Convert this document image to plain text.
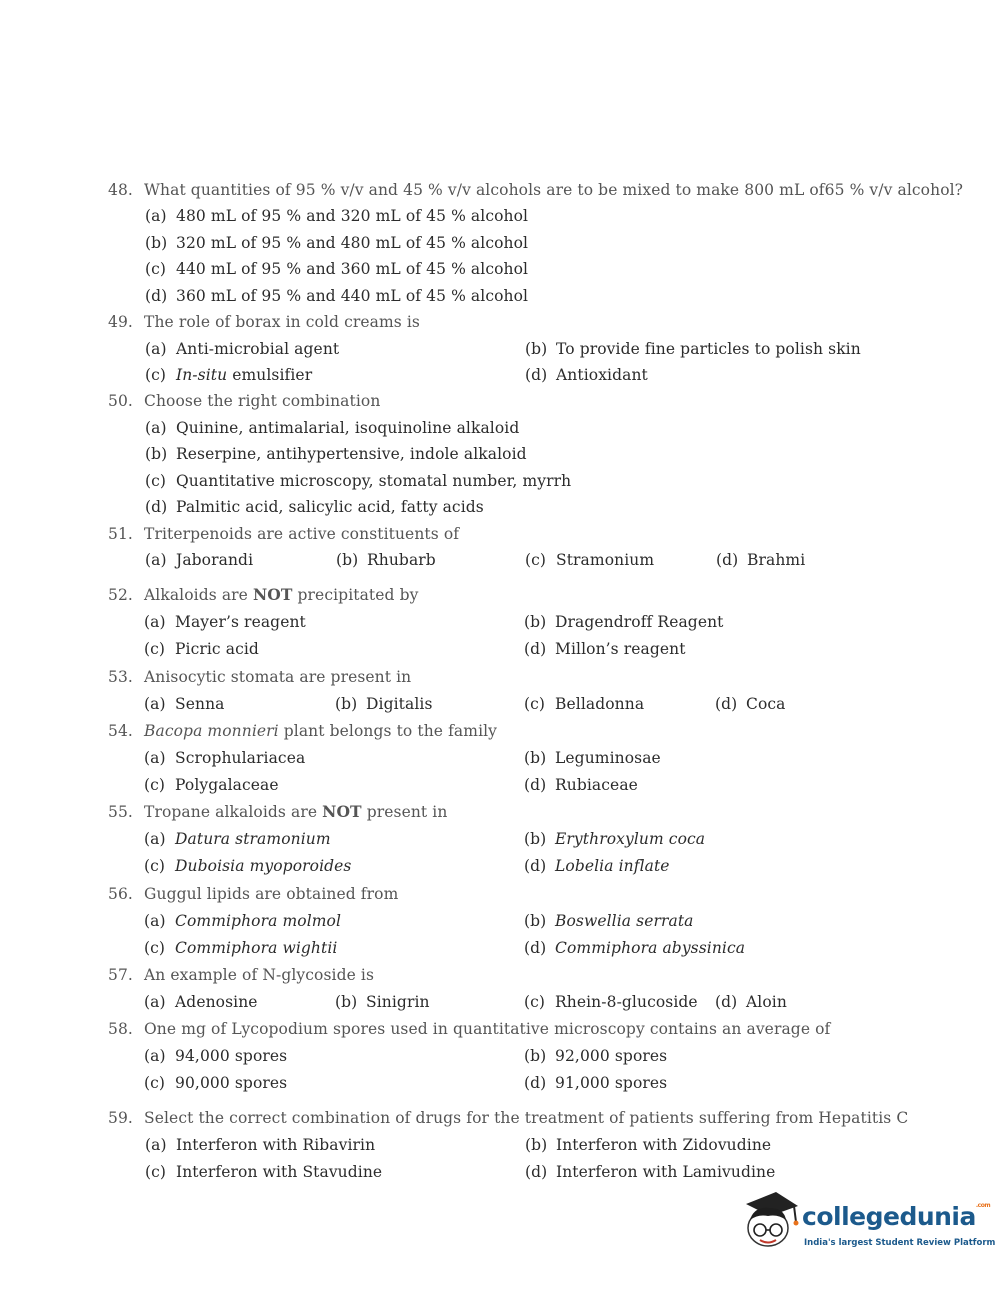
48. What quantities of 95 % v/v and 45 % v/v alcohols are to be mixed to make 800 mL of65 % v/v alcohol?
(a) 480 mL of 95 % and 320 mL of 45 % alcohol
(b) 320 mL of 95 % and 480 mL of 45 % alcohol
(c) 440 mL of 95 % and 360 mL of 45 % alcohol
(d) 360 mL of 95 % and 440 mL of 45 % alcohol
49. The role of borax in cold creams is
(a) Anti-microbial agent	(b) To provide fine particles to polish skin
(c) In-situ emulsifier	(d) Antioxidant
50. Choose the right combination
(a) Quinine, antimalarial, isoquinoline alkaloid
(b) Reserpine, antihypertensive, indole alkaloid
(c) Quantitative microscopy, stomatal number, myrrh
(d) Palmitic acid, salicylic acid, fatty acids
51. Triterpenoids are active constituents of
(a) Jaborandi	(b) Rhubarb	(c) Stramonium	(d) Brahmi
52. Alkaloids are NOT precipitated by
(a) Mayer’s reagent	(b) Dragendroff Reagent
(c) Picric acid	(d) Millon’s reagent
53. Anisocytic stomata are present in
(a) Senna	(b) Digitalis	(c) Belladonna	(d) Coca
54. Bacopa monnieri plant belongs to the family
(a) Scrophulariacea	(b) Leguminosae
(c) Polygalaceae	(d) Rubiaceae
55. Tropane alkaloids are NOT present in
(a) Datura stramonium	(b) Erythroxylum coca
(c) Duboisia myoporoides	(d) Lobelia inflate
56. Guggul lipids are obtained from
(a) Commiphora molmol	(b) Boswellia serrata
(c) Commiphora wightii	(d) Commiphora abyssinica
57. An example of N-glycoside is
(a) Adenosine	(b) Sinigrin	(c) Rhein-8-glucoside (d) Aloin
58. One mg of Lycopodium spores used in quantitative microscopy contains an average of
(a) 94,000 spores	(b) 92,000 spores
(c) 90,000 spores	(d) 91,000 spores
59. Select the correct combination of drugs for the treatment of patients suffering from Hepatitis C
(a) Interferon with Ribavirin	(b) Interferon with Zidovudine
(c) Interferon with Stavudine	(d) Interferon with Lamivudine
collegedunia$^{.com}$
India's largest Student Review Platform
